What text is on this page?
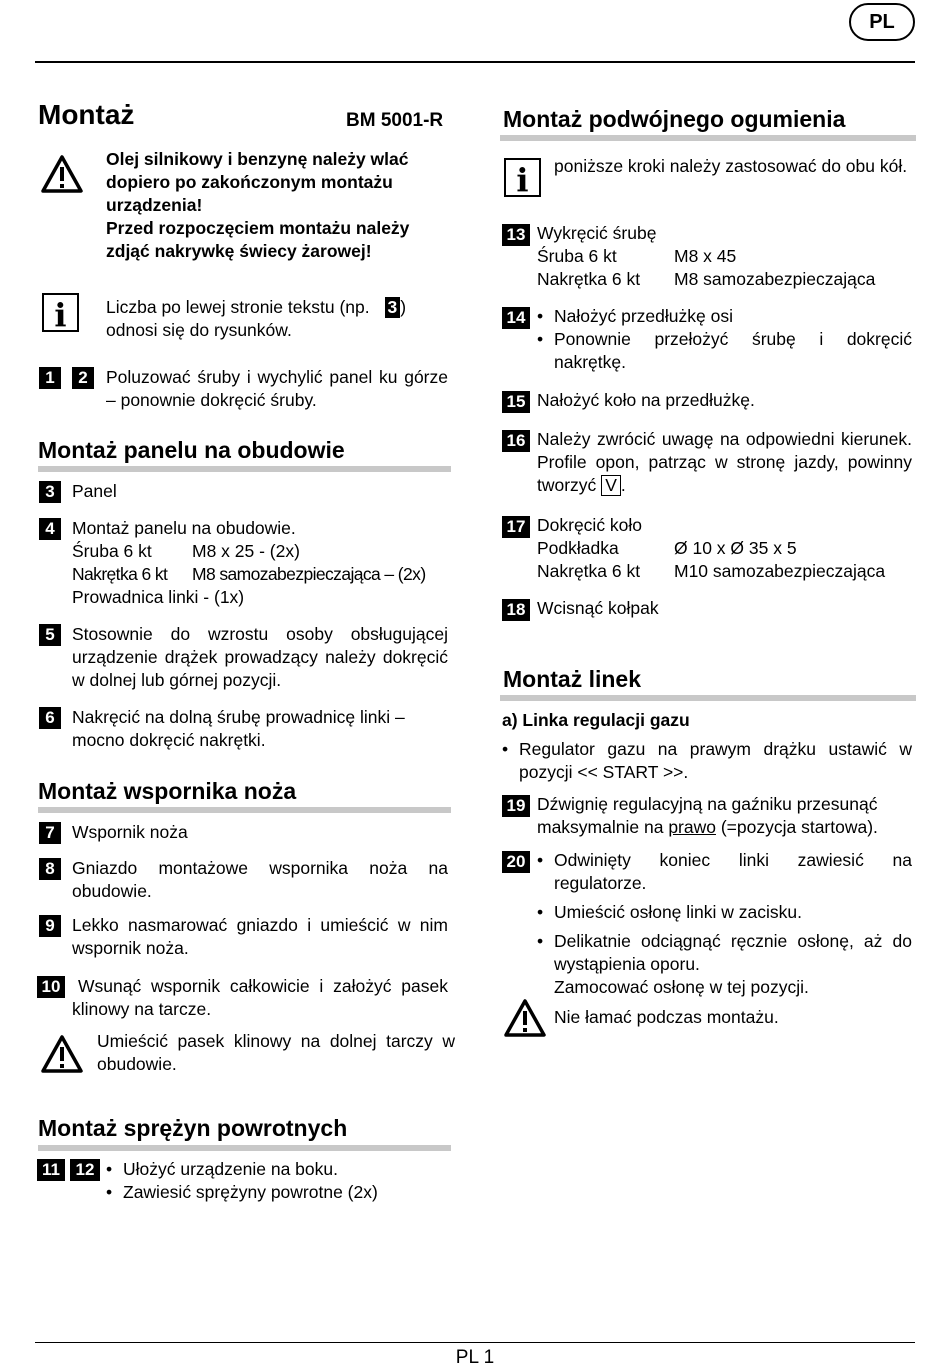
PL
Montaż	BM 5001-R
Olej silnikowy i benzynę należy wlać
dopiero po zakończonym montażu
urządzenia!
Przed rozpoczęciem montażu należy
zdjąć nakrywkę świecy żarowej!
i	Liczba po lewej stronie tekstu (np. 3 )
odnosi się do rysunków.
1	2	Poluzować śruby i wychylić panel ku górze – ponownie dokręcić śruby.
Montaż panelu na obudowie
3 Panel
4 Montaż panelu na obudowie.
Śruba 6 kt	M8 x 25 - (2x)
Nakrętka 6 kt	M8 samozabezpieczająca – (2x)
Prowadnica linki - (1x)
5 Stosownie do wzrostu osoby obsługującej urządzenie drążek prowadzący należy dokręcić w dolnej lub górnej pozycji.
6 Nakręcić na dolną śrubę prowadnicę linki – mocno dokręcić nakrętki.
Montaż wspornika noża
7 Wspornik noża
8 Gniazdo montażowe wspornika noża na obudowie.
9 Lekko nasmarować gniazdo i umieścić w nim wspornik noża.
10	Wsunąć wspornik całkowicie i założyć pasek klinowy na tarcze.
Umieścić pasek klinowy na dolnej tarczy w obudowie.
Montaż sprężyn powrotnych
11 12	• Ułożyć urządzenie na boku.
• Zawiesić sprężyny powrotne (2x)
Montaż podwójnego ogumienia
i	poniższe kroki należy zastosować do obu kół.
13 Wykręcić śrubę
Śruba 6 kt	M8 x 45
Nakrętka 6 kt	M8 samozabezpieczająca
14	• Nałożyć przedłużkę osi
• Ponownie przełożyć śrubę i dokręcić nakrętkę.
15 Nałożyć koło na przedłużkę.
16 Należy zwrócić uwagę na odpowiedni kierunek. Profile opon, patrząc w stronę jazdy, powinny tworzyć V .
17 Dokręcić koło
Podkładka	Ø 10 x Ø 35 x 5
Nakrętka 6 kt	M10 samozabezpieczająca
18 Wcisnąć kołpak
Montaż linek
a) Linka regulacji gazu
• Regulator gazu na prawym drążku ustawić w pozycji << START >>.
19 Dźwignię regulacyjną na gaźniku przesunąć maksymalnie na prawo (=pozycja startowa).
20	• Odwinięty koniec linki zawiesić na regulatorze.
• Umieścić osłonę linki w zacisku.
• Delikatnie odciągnąć ręcznie osłonę, aż do wystąpienia oporu.
Zamocować osłonę w tej pozycji.
Nie łamać podczas montażu.
PL 1
